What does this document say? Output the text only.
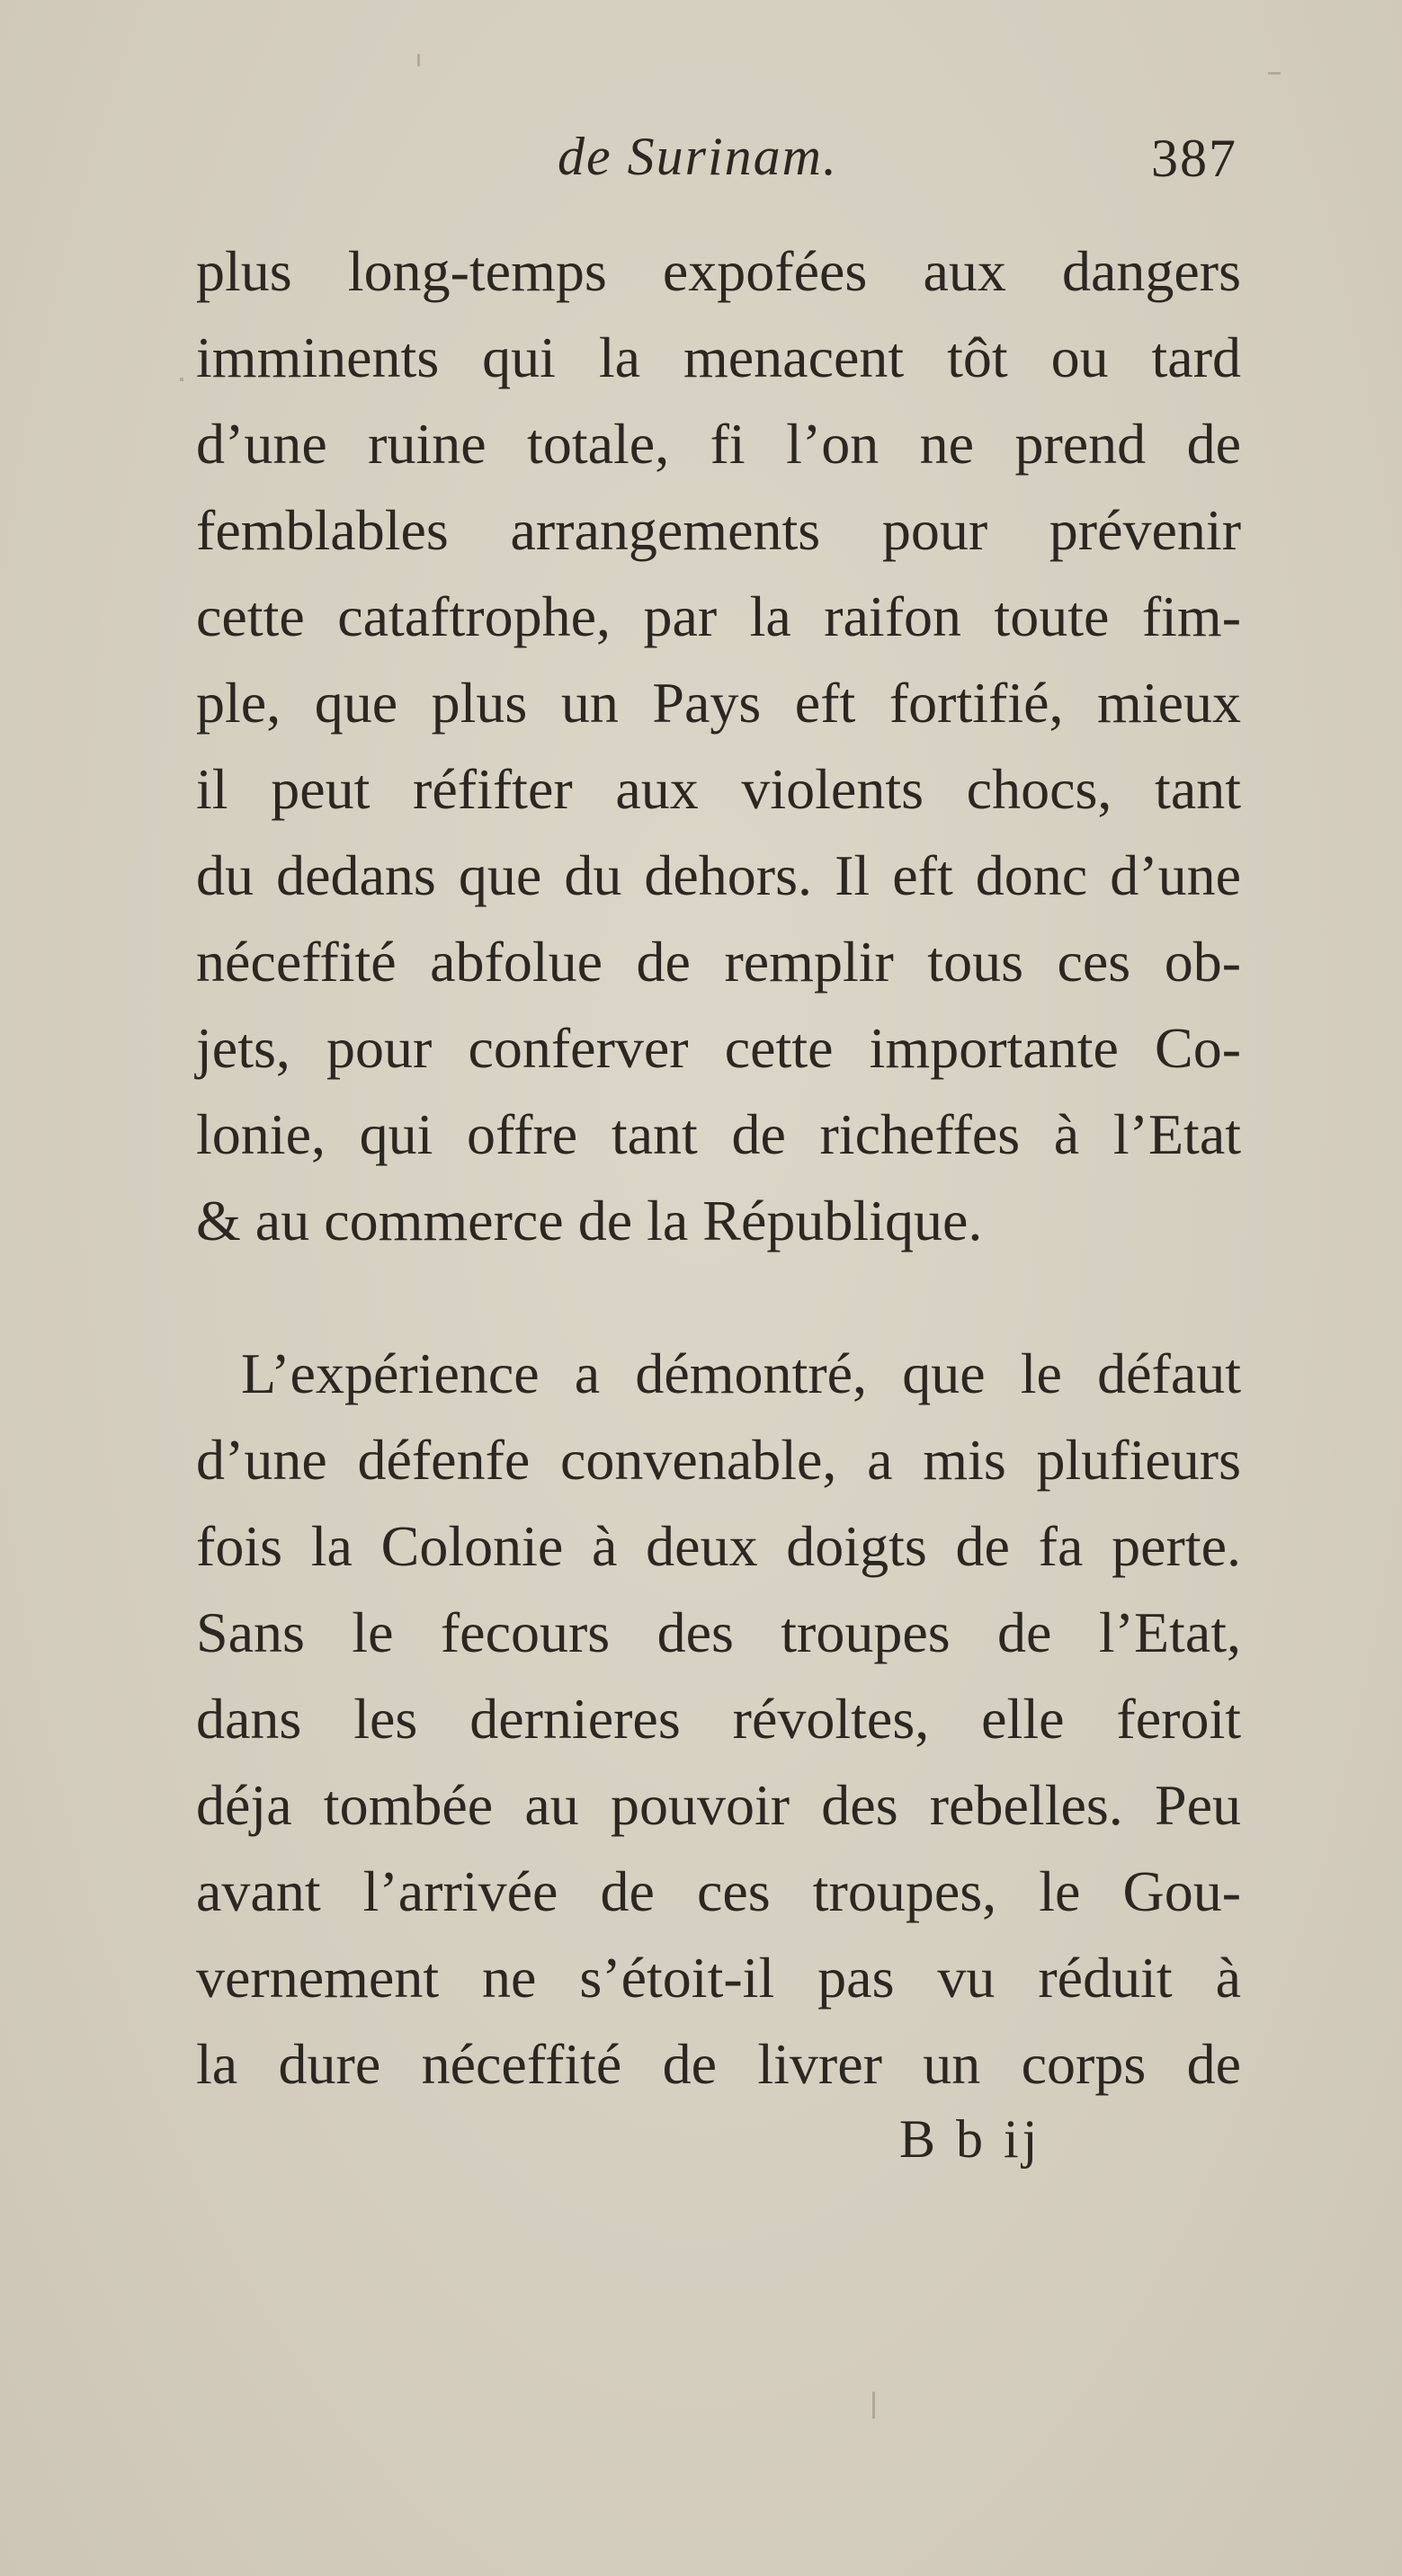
de Surinam.	387
plus long-temps expofées aux dangers
imminents qui la menacent tôt ou tard
d’une ruine totale, fi l’on ne prend de
femblables arrangements pour prévenir
cette cataftrophe, par la raifon toute fim-
ple, que plus un Pays eft fortifié, mieux
il peut réfifter aux violents chocs, tant
du dedans que du dehors. Il eft donc d’une
néceffité abfolue de remplir tous ces ob-
jets, pour conferver cette importante Co-
lonie, qui offre tant de richeffes à l’Etat
& au commerce de la République.
L’expérience a démontré, que le défaut
d’une défenfe convenable, a mis plufieurs
fois la Colonie à deux doigts de fa perte.
Sans le fecours des troupes de l’Etat,
dans les dernieres révoltes, elle feroit
déja tombée au pouvoir des rebelles. Peu
avant l’arrivée de ces troupes, le Gou-
vernement ne s’étoit-il pas vu réduit à
la dure néceffité de livrer un corps de
B b ij
